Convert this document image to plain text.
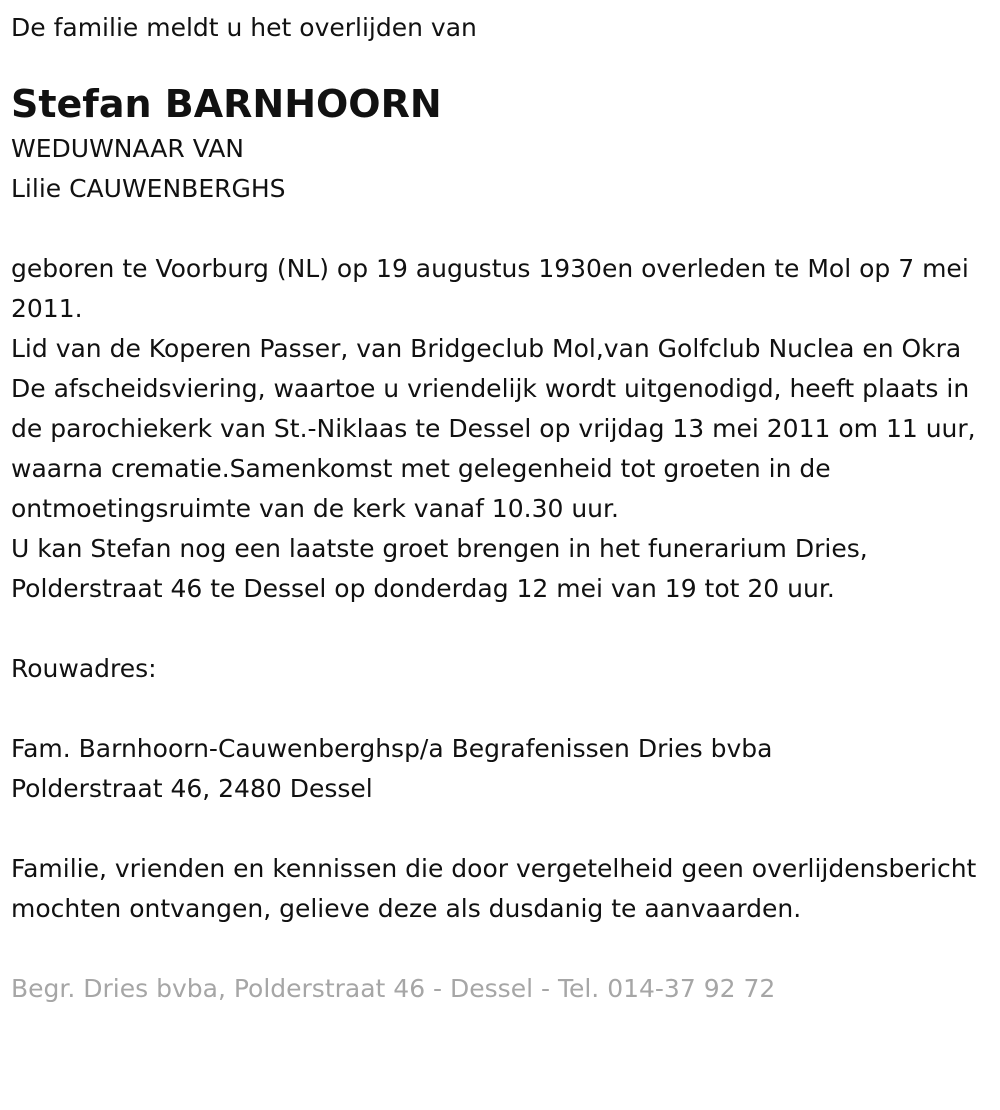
De familie meldt u het overlijden van

Stefan BARNHOORN

WEDUWNAAR VAN

Lilie CAUWENBERGHS

geboren te Voorburg (NL) op 19 augustus 1930en overleden te Mol op 7 mei 2011.

Lid van de Koperen Passer, van Bridgeclub Mol,van Golfclub Nuclea en Okra

De afscheidsviering, waartoe u vriendelijk wordt uitgenodigd, heeft plaats in de parochiekerk van St.-Niklaas te Dessel op vrijdag 13 mei 2011 om 11 uur, waarna crematie.Samenkomst met gelegenheid tot groeten in de ontmoetingsruimte van de kerk vanaf 10.30 uur.

U kan Stefan nog een laatste groet brengen in het funerarium Dries, Polderstraat 46 te Dessel op donderdag 12 mei van 19 tot 20 uur.

Rouwadres:

Fam. Barnhoorn-Cauwenberghsp/a Begrafenissen Dries bvba

Polderstraat 46, 2480 Dessel

Familie, vrienden en kennissen die door vergetelheid geen overlijdensbericht mochten ontvangen, gelieve deze als dusdanig te aanvaarden.

Begr. Dries bvba, Polderstraat 46 - Dessel - Tel. 014-37 92 72
